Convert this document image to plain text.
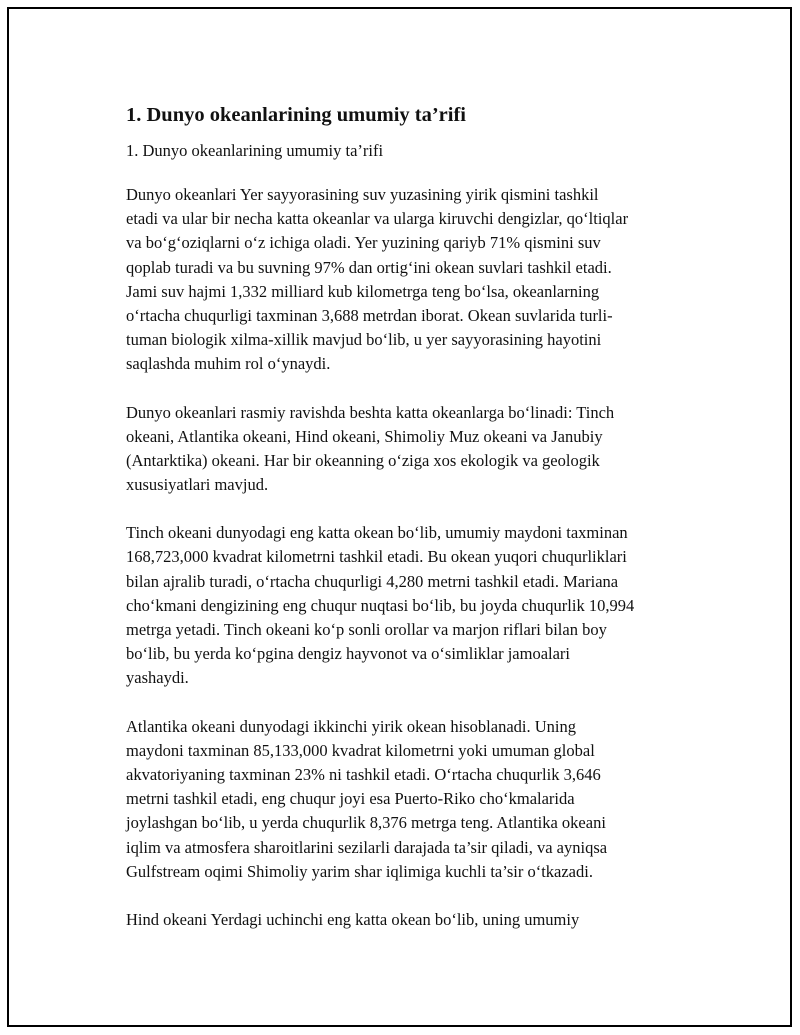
1. Dunyo okeanlarining umumiy ta’rifi
1. Dunyo okeanlarining umumiy ta’rifi
Dunyo okeanlari Yer sayyorasining suv yuzasining yirik qismini tashkil
etadi va ular bir necha katta okeanlar va ularga kiruvchi dengizlar, qo‘ltiqlar
va bo‘g‘oziqlarni o‘z ichiga oladi. Yer yuzining qariyb 71% qismini suv
qoplab turadi va bu suvning 97% dan ortig‘ini okean suvlari tashkil etadi.
Jami suv hajmi 1,332 milliard kub kilometrga teng bo‘lsa, okeanlarning
o‘rtacha chuqurligi taxminan 3,688 metrdan iborat. Okean suvlarida turli-
tuman biologik xilma-xillik mavjud bo‘lib, u yer sayyorasining hayotini
saqlashda muhim rol o‘ynaydi.
Dunyo okeanlari rasmiy ravishda beshta katta okeanlarga bo‘linadi: Tinch
okeani, Atlantika okeani, Hind okeani, Shimoliy Muz okeani va Janubiy
(Antarktika) okeani. Har bir okeanning o‘ziga xos ekologik va geologik
xususiyatlari mavjud.
Tinch okeani dunyodagi eng katta okean bo‘lib, umumiy maydoni taxminan
168,723,000 kvadrat kilometrni tashkil etadi. Bu okean yuqori chuqurliklari
bilan ajralib turadi, o‘rtacha chuqurligi 4,280 metrni tashkil etadi. Mariana
cho‘kmani dengizining eng chuqur nuqtasi bo‘lib, bu joyda chuqurlik 10,994
metrga yetadi. Tinch okeani ko‘p sonli orollar va marjon riflari bilan boy
bo‘lib, bu yerda ko‘pgina dengiz hayvonot va o‘simliklar jamoalari
yashaydi.
Atlantika okeani dunyodagi ikkinchi yirik okean hisoblanadi. Uning
maydoni taxminan 85,133,000 kvadrat kilometrni yoki umuman global
akvatoriyaning taxminan 23% ni tashkil etadi. O‘rtacha chuqurlik 3,646
metrni tashkil etadi, eng chuqur joyi esa Puerto-Riko cho‘kmalarida
joylashgan bo‘lib, u yerda chuqurlik 8,376 metrga teng. Atlantika okeani
iqlim va atmosfera sharoitlarini sezilarli darajada ta’sir qiladi, va ayniqsa
Gulfstream oqimi Shimoliy yarim shar iqlimiga kuchli ta’sir o‘tkazadi.
Hind okeani Yerdagi uchinchi eng katta okean bo‘lib, uning umumiy
